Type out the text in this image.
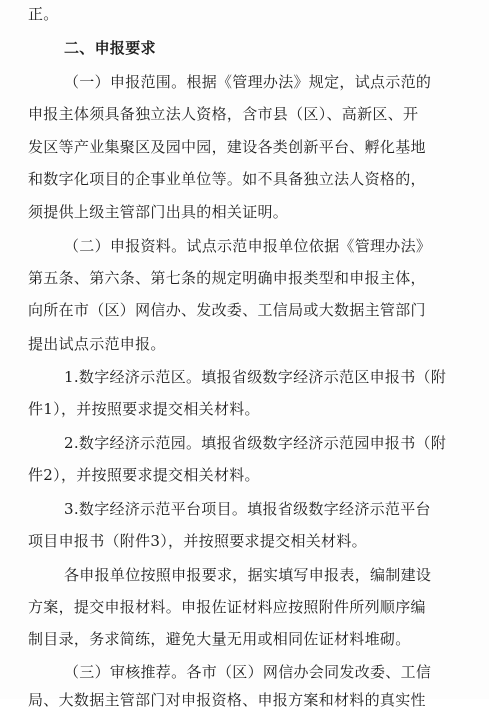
正。
二、申报要求
（一）申报范围。根据《管理办法》规定，试点示范的
申报主体须具备独立法人资格，含市县（区）、高新区、开
发区等产业集聚区及园中园，建设各类创新平台、孵化基地
和数字化项目的企事业单位等。如不具备独立法人资格的，
须提供上级主管部门出具的相关证明。
（二）申报资料。试点示范申报单位依据《管理办法》
第五条、第六条、第七条的规定明确申报类型和申报主体，
向所在市（区）网信办、发改委、工信局或大数据主管部门
提出试点示范申报。
1.数字经济示范区。填报省级数字经济示范区申报书（附
件1），并按照要求提交相关材料。
2.数字经济示范园。填报省级数字经济示范园申报书（附
件2），并按照要求提交相关材料。
3.数字经济示范平台项目。填报省级数字经济示范平台
项目申报书（附件3），并按照要求提交相关材料。
各申报单位按照申报要求，据实填写申报表，编制建设
方案，提交申报材料。申报佐证材料应按照附件所列顺序编
制目录，务求简练，避免大量无用或相同佐证材料堆砌。
（三）审核推荐。各市（区）网信办会同发改委、工信
局、大数据主管部门对申报资格、申报方案和材料的真实性
